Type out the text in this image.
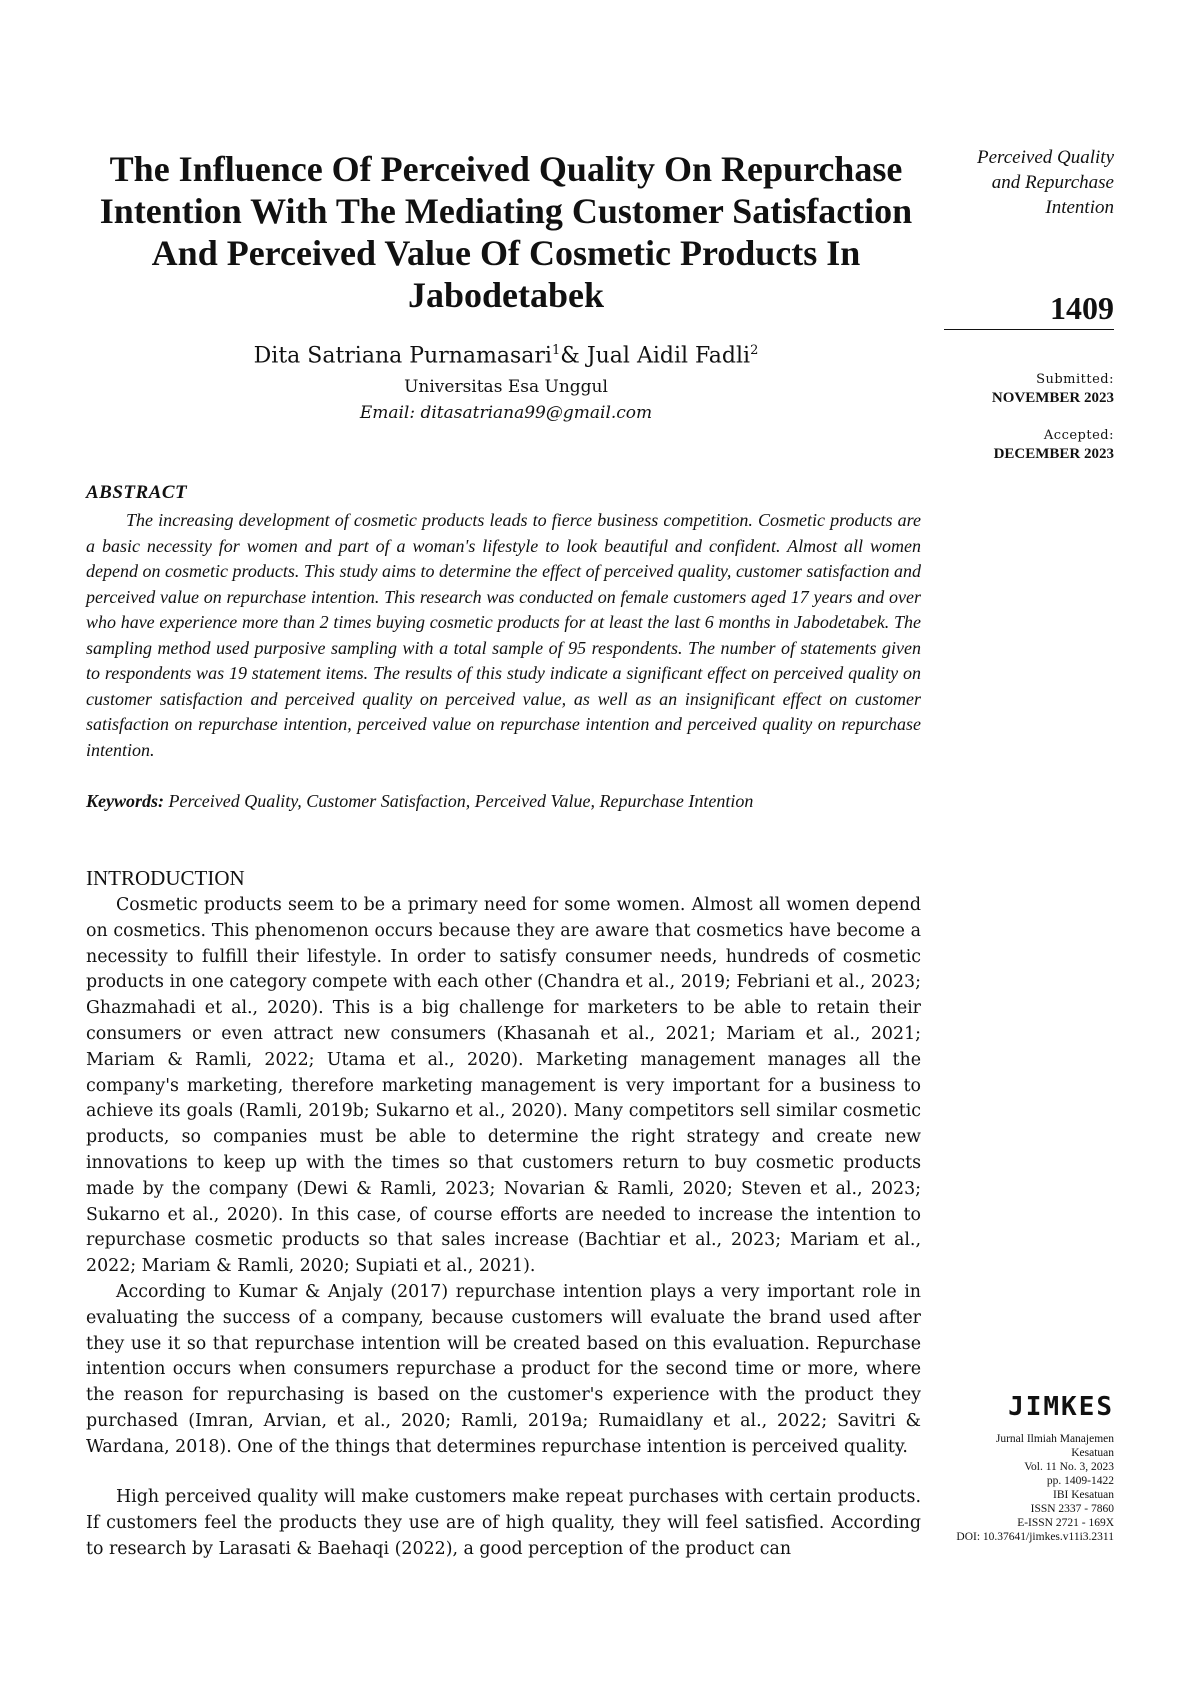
The Influence Of Perceived Quality On Repurchase Intention With The Mediating Customer Satisfaction And Perceived Value Of Cosmetic Products In Jabodetabek
Dita Satriana Purnamasari$^1$& Jual Aidil Fadli$^2$
Universitas Esa Unggul
Email: ditasatriana99@gmail.com
Perceived Quality
and Repurchase
Intention
1409
Submitted:
NOVEMBER 2023
Accepted:
DECEMBER 2023
ABSTRACT

The increasing development of cosmetic products leads to fierce business competition. Cosmetic products are a basic necessity for women and part of a woman's lifestyle to look beautiful and confident. Almost all women depend on cosmetic products. This study aims to determine the effect of perceived quality, customer satisfaction and perceived value on repurchase intention. This research was conducted on female customers aged 17 years and over who have experience more than 2 times buying cosmetic products for at least the last 6 months in Jabodetabek. The sampling method used purposive sampling with a total sample of 95 respondents. The number of statements given to respondents was 19 statement items. The results of this study indicate a significant effect on perceived quality on customer satisfaction and perceived quality on perceived value, as well as an insignificant effect on customer satisfaction on repurchase intention, perceived value on repurchase intention and perceived quality on repurchase intention.

Keywords: Perceived Quality, Customer Satisfaction, Perceived Value, Repurchase Intention
INTRODUCTION

Cosmetic products seem to be a primary need for some women. Almost all women depend on cosmetics. This phenomenon occurs because they are aware that cosmetics have become a necessity to fulfill their lifestyle. In order to satisfy consumer needs, hundreds of cosmetic products in one category compete with each other (Chandra et al., 2019; Febriani et al., 2023; Ghazmahadi et al., 2020). This is a big challenge for marketers to be able to retain their consumers or even attract new consumers (Khasanah et al., 2021; Mariam et al., 2021; Mariam & Ramli, 2022; Utama et al., 2020). Marketing management manages all the company's marketing, therefore marketing management is very important for a business to achieve its goals (Ramli, 2019b; Sukarno et al., 2020). Many competitors sell similar cosmetic products, so companies must be able to determine the right strategy and create new innovations to keep up with the times so that customers return to buy cosmetic products made by the company (Dewi & Ramli, 2023; Novarian & Ramli, 2020; Steven et al., 2023; Sukarno et al., 2020). In this case, of course efforts are needed to increase the intention to repurchase cosmetic products so that sales increase (Bachtiar et al., 2023; Mariam et al., 2022; Mariam & Ramli, 2020; Supiati et al., 2021).

According to Kumar & Anjaly (2017) repurchase intention plays a very important role in evaluating the success of a company, because customers will evaluate the brand used after they use it so that repurchase intention will be created based on this evaluation. Repurchase intention occurs when consumers repurchase a product for the second time or more, where the reason for repurchasing is based on the customer's experience with the product they purchased (Imran, Arvian, et al., 2020; Ramli, 2019a; Rumaidlany et al., 2022; Savitri & Wardana, 2018). One of the things that determines repurchase intention is perceived quality.

High perceived quality will make customers make repeat purchases with certain products. If customers feel the products they use are of high quality, they will feel satisfied. According to research by Larasati & Baehaqi (2022), a good perception of the product can

JIMKES
Jurnal Ilmiah Manajemen
Kesatuan
Vol. 11 No. 3, 2023
pp. 1409-1422
IBI Kesatuan
ISSN 2337 - 7860
E-ISSN 2721 - 169X
DOI: 10.37641/jimkes.v11i3.2311
